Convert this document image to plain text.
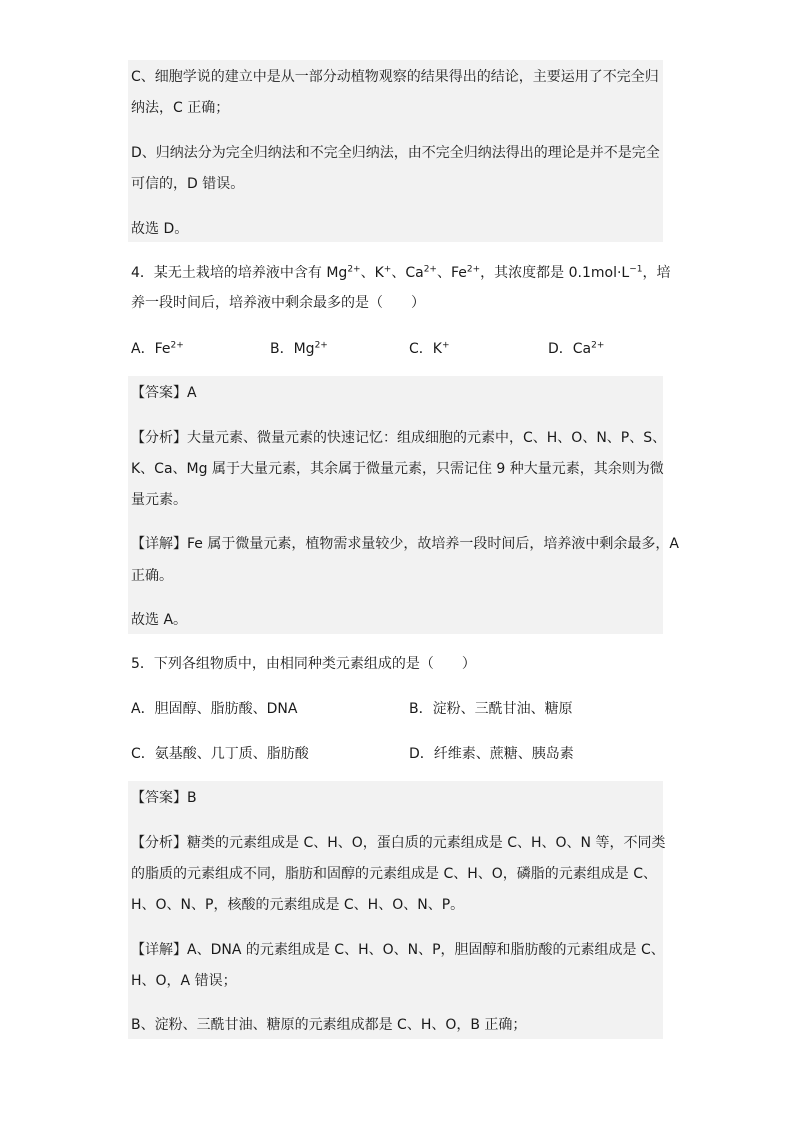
C、细胞学说的建立中是从一部分动植物观察的结果得出的结论，主要运用了不完全归
纳法，C 正确；
D、归纳法分为完全归纳法和不完全归纳法，由不完全归纳法得出的理论是并不是完全
可信的，D 错误。
故选 D。
4．某无土栽培的培养液中含有 $Mg^{2+}$、K+、$Ca^{2+}$、$Fe^{2+}$，其浓度都是 $0.1mol\cdot L^{-1}$，培
养一段时间后，培养液中剩余最多的是（　　）
A．$Fe^{2+}$	B．$Mg^{2+}$	C．K+	D．$Ca^{2+}$
【答案】A
【分析】大量元素、微量元素的快速记忆：组成细胞的元素中，C、H、O、N、P、S、
K、Ca、Mg 属于大量元素，其余属于微量元素，只需记住 9 种大量元素，其余则为微
量元素。
【详解】Fe 属于微量元素，植物需求量较少，故培养一段时间后，培养液中剩余最多，A
正确。
故选 A。
5．下列各组物质中，由相同种类元素组成的是（　　）
A．胆固醇、脂肪酸、DNA	B．淀粉、三酰甘油、糖原
C．氨基酸、几丁质、脂肪酸	D．纤维素、蔗糖、胰岛素
【答案】B
【分析】糖类的元素组成是 C、H、O，蛋白质的元素组成是 C、H、O、N 等，不同类
的脂质的元素组成不同，脂肪和固醇的元素组成是 C、H、O，磷脂的元素组成是 C、
H、O、N、P，核酸的元素组成是 C、H、O、N、P。
【详解】A、DNA 的元素组成是 C、H、O、N、P，胆固醇和脂肪酸的元素组成是 C、
H、O，A 错误；
B、淀粉、三酰甘油、糖原的元素组成都是 C、H、O，B 正确；
